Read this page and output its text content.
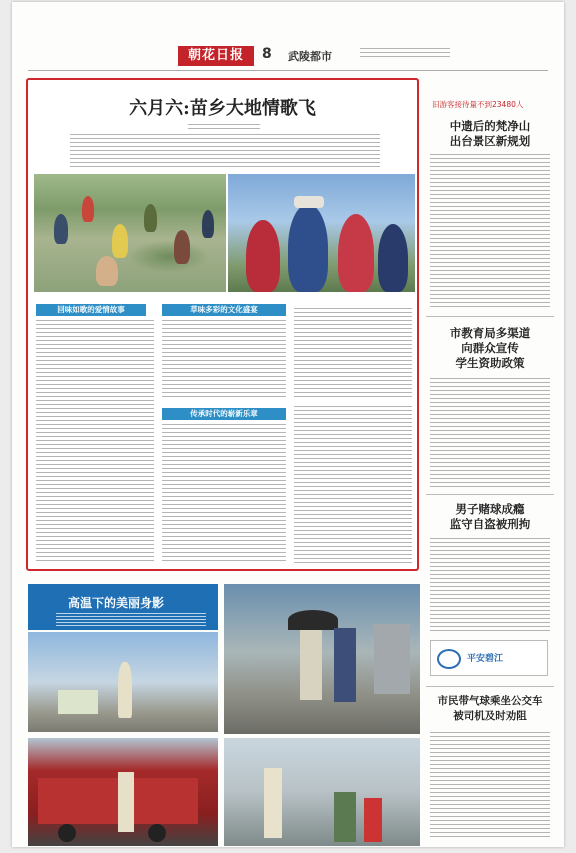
朝花日报	8 武陵都市
六月六:苗乡大地情歌飞
回味如歌的爱情故事	草味多彩的文化盛宴
传承时代的崭新乐章
旧游客接待量不到23480人
中遗后的梵净山
出台景区新规划
市教育局多渠道
向群众宣传
学生资助政策
男子赌球成瘾
监守自盗被刑拘
平安碧江
市民带气球乘坐公交车
被司机及时劝阻
高温下的美丽身影
